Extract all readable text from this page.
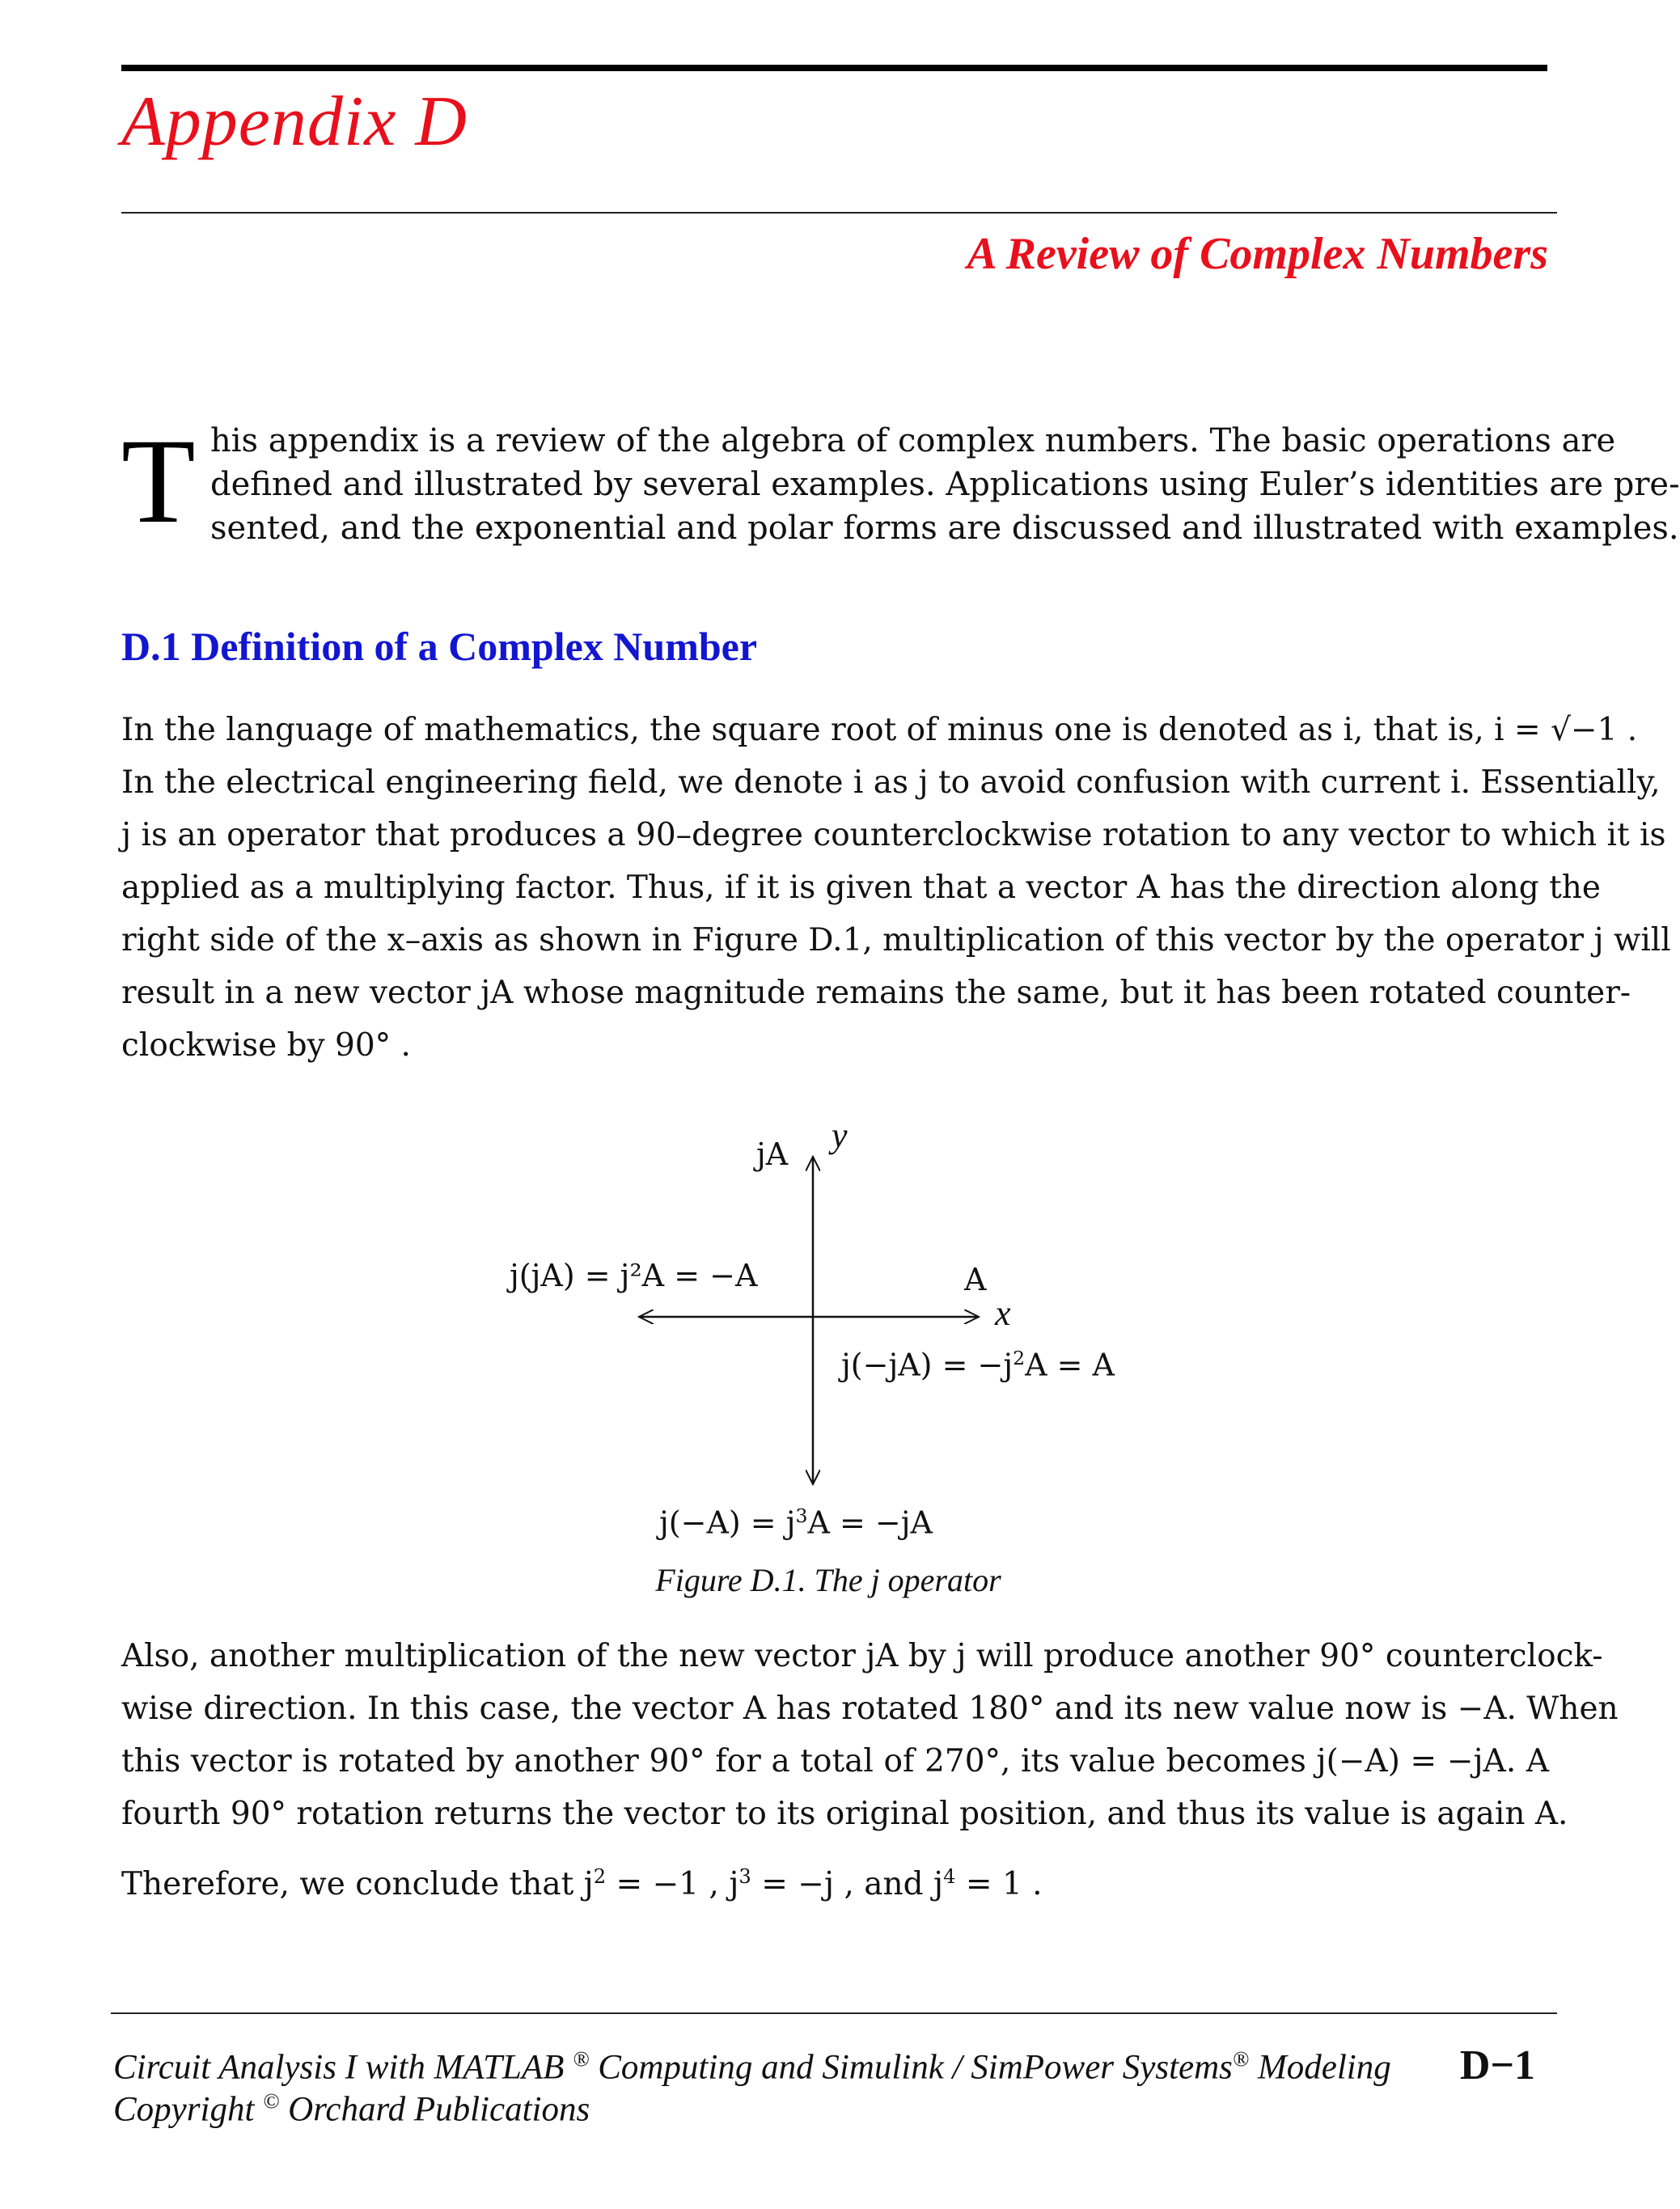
Appendix D
A Review of Complex Numbers
T his appendix is a review of the algebra of complex numbers. The basic operations are
defined and illustrated by several examples. Applications using Euler’s identities are pre-
sented, and the exponential and polar forms are discussed and illustrated with examples.
D.1 Definition of a Complex Number
In the language of mathematics, the square root of minus one is denoted as i, that is, i = √−1 .
In the electrical engineering field, we denote i as j to avoid confusion with current i. Essentially,
j is an operator that produces a 90–degree counterclockwise rotation to any vector to which it is
applied as a multiplying factor. Thus, if it is given that a vector A has the direction along the
right side of the x–axis as shown in Figure D.1, multiplication of this vector by the operator j will
result in a new vector jA whose magnitude remains the same, but it has been rotated counter-
clockwise by 90° .
jA y
j(jA) = j²A = −A	A
x
$j(-jA) = -j^2A = A$
$j(-A) = j^3A = -jA$

Figure D.1. The j operator

Also, another multiplication of the new vector jA by j will produce another 90° counterclock-
wise direction. In this case, the vector A has rotated 180° and its new value now is −A. When
this vector is rotated by another 90° for a total of 270°, its value becomes j(−A) = −jA. A
fourth 90° rotation returns the vector to its original position, and thus its value is again A.
Therefore, we conclude that $j^2 = -1$ , $j^3 = -j$ , and $j^4 = 1$ .
Circuit Analysis I with MATLAB ® Computing and Simulink / SimPower Systems® Modeling
Copyright © Orchard Publications
D−1
